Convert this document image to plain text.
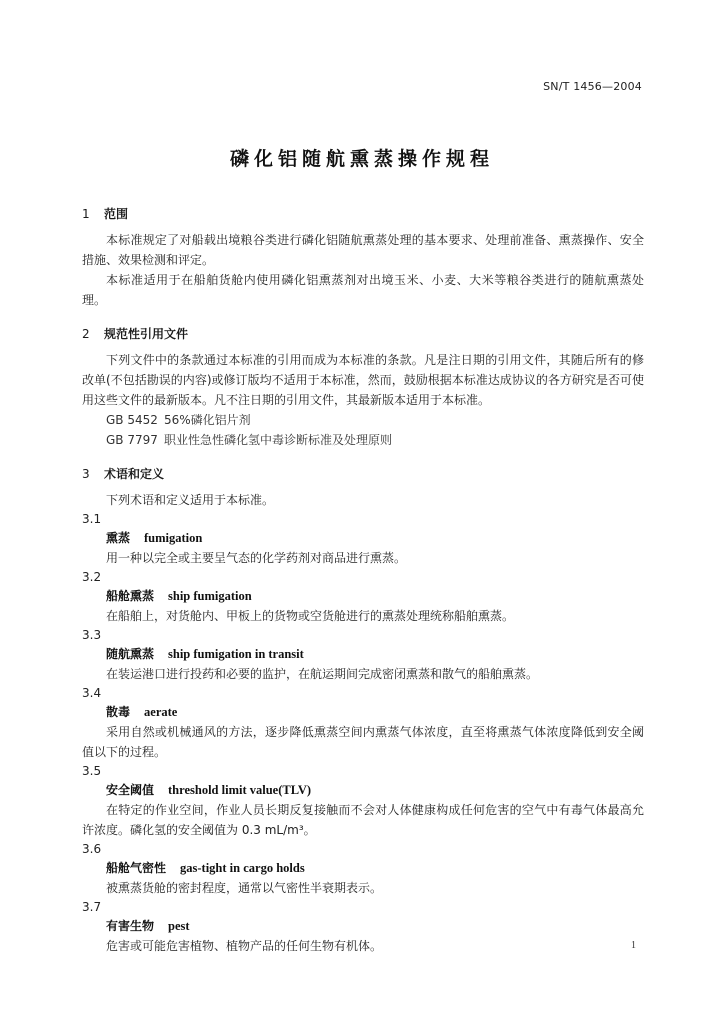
SN/T 1456—2004
磷化铝随航熏蒸操作规程
1 范围

本标准规定了对船载出境粮谷类进行磷化铝随航熏蒸处理的基本要求、处理前准备、熏蒸操作、安全措施、效果检测和评定。

本标准适用于在船舶货舱内使用磷化铝熏蒸剂对出境玉米、小麦、大米等粮谷类进行的随航熏蒸处理。

2 规范性引用文件

下列文件中的条款通过本标准的引用而成为本标准的条款。凡是注日期的引用文件，其随后所有的修改单(不包括勘误的内容)或修订版均不适用于本标准，然而，鼓励根据本标准达成协议的各方研究是否可使用这些文件的最新版本。凡不注日期的引用文件，其最新版本适用于本标准。

GB 5452 56%磷化铝片剂
GB 7797 职业性急性磷化氢中毒诊断标准及处理原则
3 术语和定义

下列术语和定义适用于本标准。

3.1
熏蒸 fumigation

用一种以完全或主要呈气态的化学药剂对商品进行熏蒸。

3.2
船舱熏蒸 ship fumigation

在船舶上，对货舱内、甲板上的货物或空货舱进行的熏蒸处理统称船舶熏蒸。

3.3
随航熏蒸 ship fumigation in transit

在装运港口进行投药和必要的监护，在航运期间完成密闭熏蒸和散气的船舶熏蒸。

3.4
散毒 aerate

采用自然或机械通风的方法，逐步降低熏蒸空间内熏蒸气体浓度，直至将熏蒸气体浓度降低到安全阈值以下的过程。

3.5
安全阈值 threshold limit value(TLV)

在特定的作业空间，作业人员长期反复接触而不会对人体健康构成任何危害的空气中有毒气体最高允许浓度。磷化氢的安全阈值为 0.3 mL/m³。

3.6
船舱气密性 gas-tight in cargo holds

被熏蒸货舱的密封程度，通常以气密性半衰期表示。

3.7
有害生物 pest

危害或可能危害植物、植物产品的任何生物有机体。	1
